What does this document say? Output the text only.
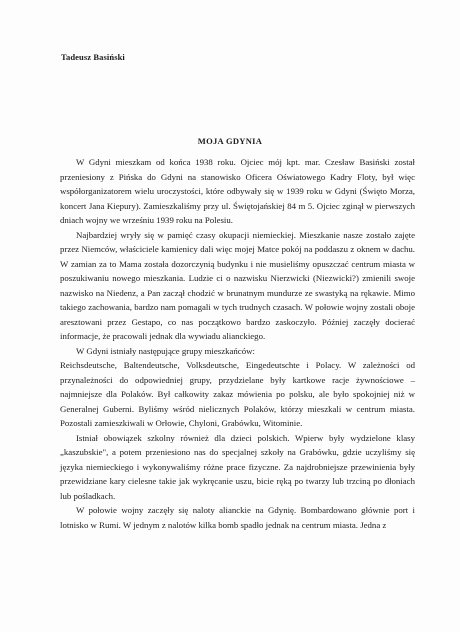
Tadeusz Basiński
MOJA GDYNIA

W Gdyni mieszkam od końca 1938 roku. Ojciec mój kpt. mar. Czesław Basiński został przeniesiony z Pińska do Gdyni na stanowisko Oficera Oświatowego Kadry Floty, był więc współorganizatorem wielu uroczystości, które odbywały się w 1939 roku w Gdyni (Święto Morza, koncert Jana Kiepury). Zamieszkaliśmy przy ul. Świętojańskiej 84 m 5. Ojciec zginął w pierwszych dniach wojny we wrześniu 1939 roku na Polesiu.

Najbardziej wryły się w pamięć czasy okupacji niemieckiej. Mieszkanie nasze zostało zajęte przez Niemców, właściciele kamienicy dali więc mojej Matce pokój na poddaszu z oknem w dachu. W zamian za to Mama została dozorczynią budynku i nie musieliśmy opuszczać centrum miasta w poszukiwaniu nowego mieszkania. Ludzie ci o nazwisku Nierzwicki (Niezwicki?) zmienili swoje nazwisko na Niedenz, a Pan zaczął chodzić w brunatnym mundurze ze swastyką na rękawie. Mimo takiego zachowania, bardzo nam pomagali w tych trudnych czasach. W połowie wojny zostali oboje aresztowani przez Gestapo, co nas początkowo bardzo zaskoczyło. Później zaczęły docierać informacje, że pracowali jednak dla wywiadu alianckiego.

W Gdyni istniały następujące grupy mieszkańców:

Reichsdeutsche, Baltendeutsche, Volksdeutsche, Eingedeutschte i Polacy. W zależności od przynależności do odpowiedniej grupy, przydzielane były kartkowe racje żywnościowe – najmniejsze dla Polaków. Był całkowity zakaz mówienia po polsku, ale było spokojniej niż w Generalnej Guberni. Byliśmy wśród nielicznych Polaków, którzy mieszkali w centrum miasta. Pozostali zamieszkiwali w Orłowie, Chyloni, Grabówku, Witominie.

Istniał obowiązek szkolny również dla dzieci polskich. Wpierw były wydzielone klasy „kaszubskie", a potem przeniesiono nas do specjalnej szkoły na Grabówku, gdzie uczyliśmy się języka niemieckiego i wykonywaliśmy różne prace fizyczne. Za najdrobniejsze przewinienia były przewidziane kary cielesne takie jak wykręcanie uszu, bicie ręką po twarzy lub trzciną po dłoniach lub pośladkach.

W połowie wojny zaczęły się naloty alianckie na Gdynię. Bombardowano głównie port i lotnisko w Rumi. W jednym z nalotów kilka bomb spadło jednak na centrum miasta. Jedna z
